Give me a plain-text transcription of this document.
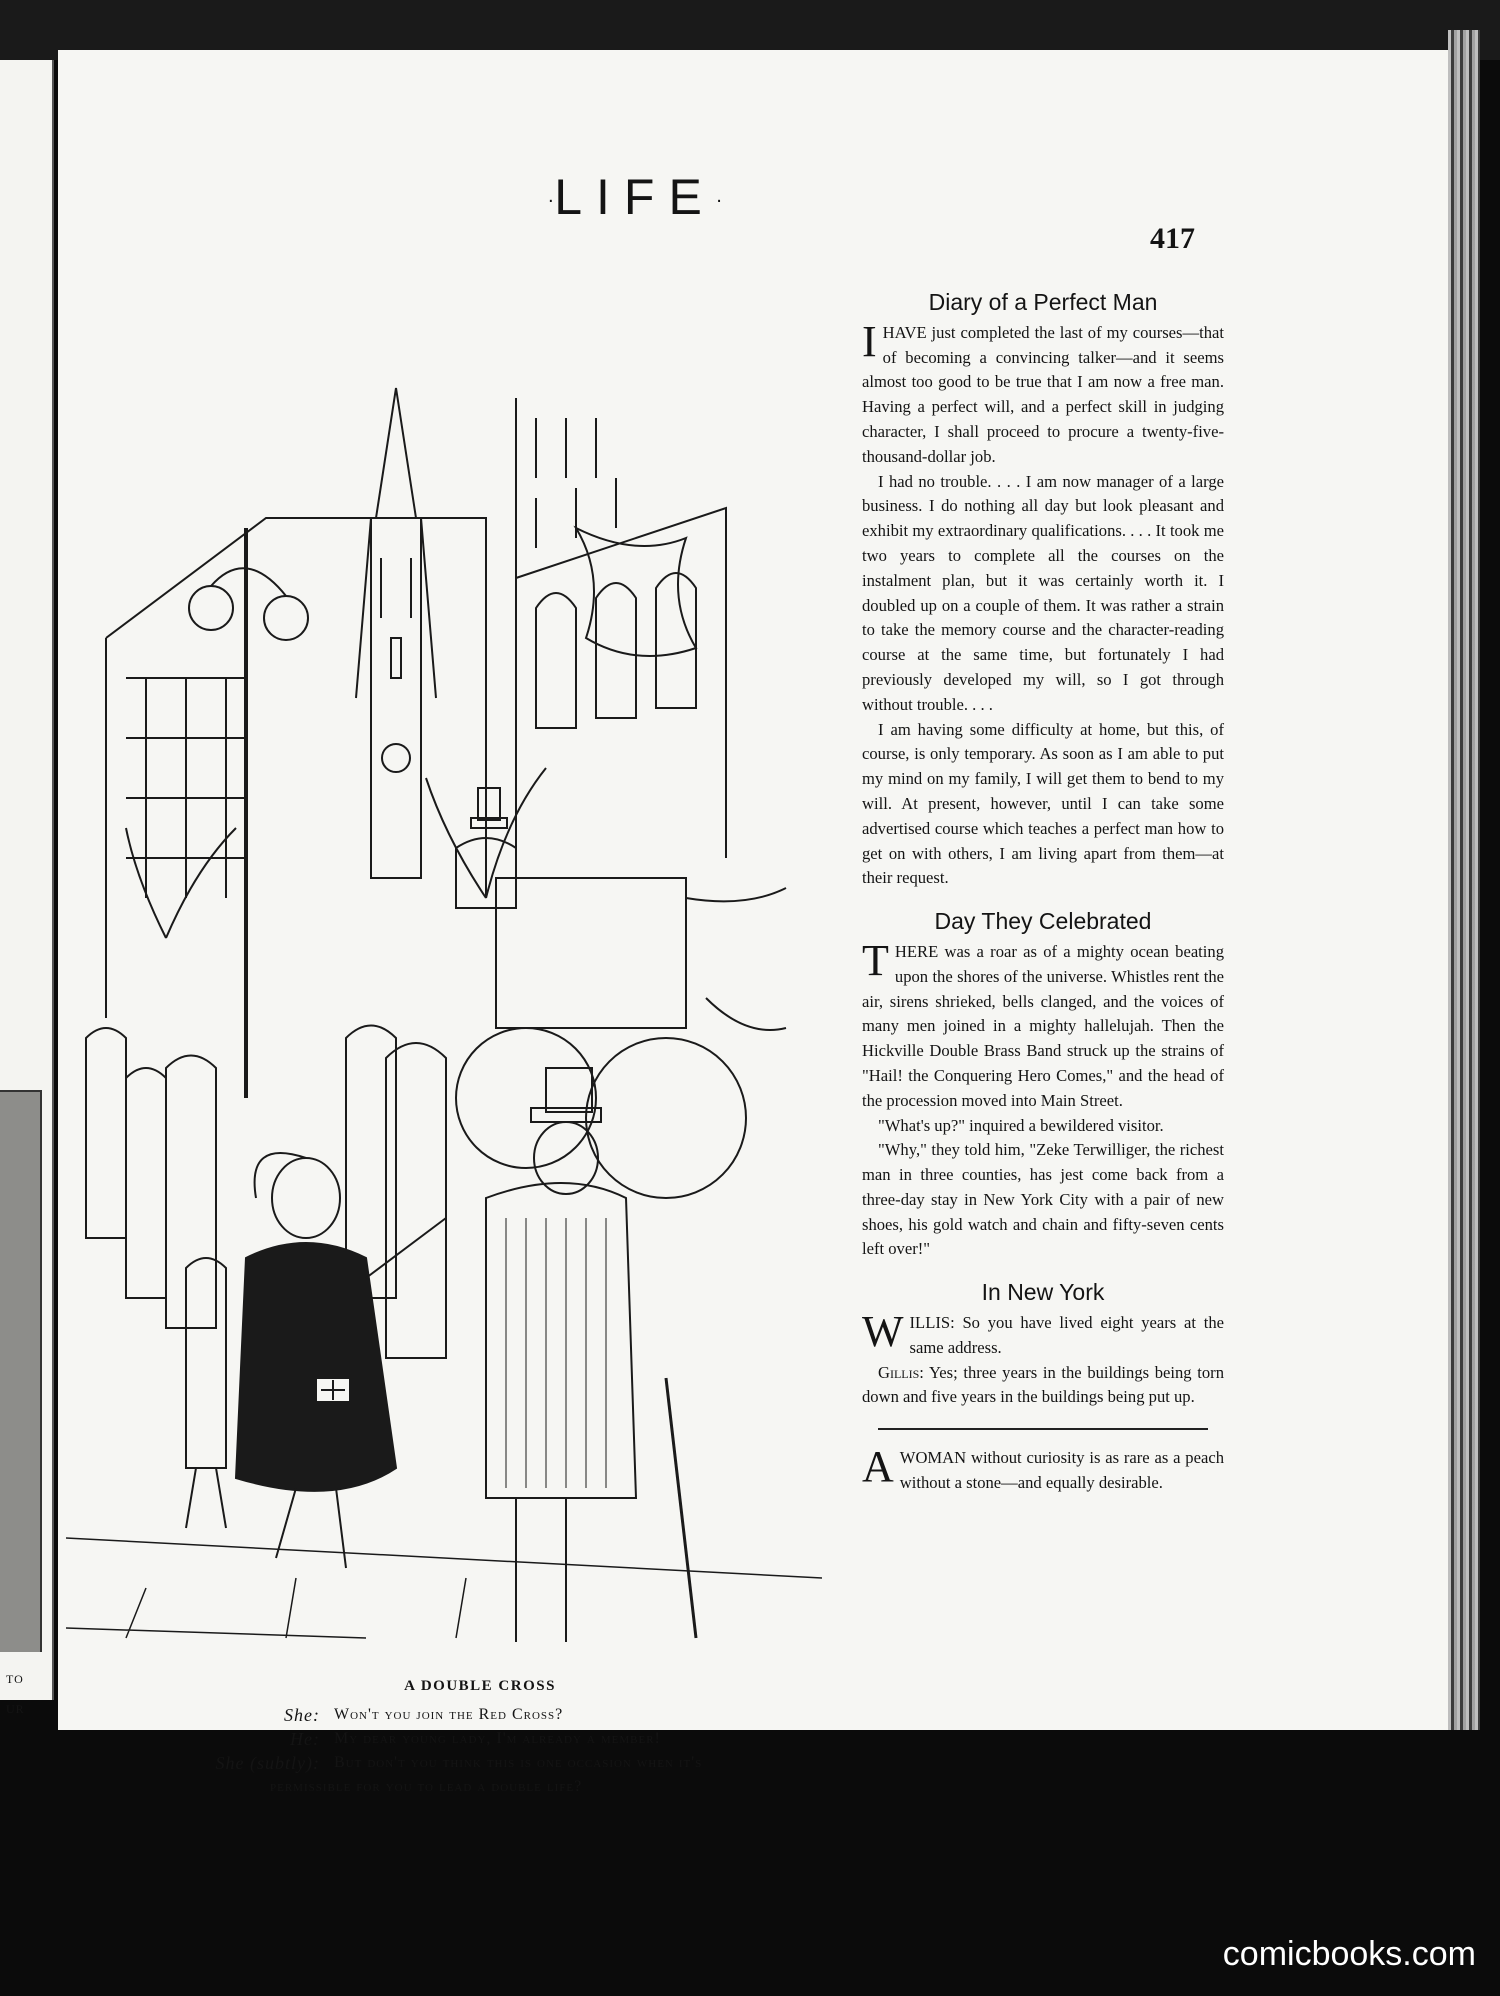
TO
UR
·LIFE·
417
A DOUBLE CROSS
She: Won't you join the Red Cross?
He: My dear young lady, I'm already a member!
She (subtly): But don't you think this is one occasion when it's
permissible for you to lead a double life?
Diary of a Perfect Man

IHAVE just completed the last of my courses—that of becoming a convincing talker—and it seems almost too good to be true that I am now a free man. Having a perfect will, and a perfect skill in judging character, I shall proceed to procure a twenty-five-thousand-dollar job.

I had no trouble. . . . I am now manager of a large business. I do nothing all day but look pleasant and exhibit my extraordinary qualifications. . . . It took me two years to complete all the courses on the instalment plan, but it was certainly worth it. I doubled up on a couple of them. It was rather a strain to take the memory course and the character-reading course at the same time, but fortunately I had previously developed my will, so I got through without trouble. . . .

I am having some difficulty at home, but this, of course, is only temporary. As soon as I am able to put my mind on my family, I will get them to bend to my will. At present, however, until I can take some advertised course which teaches a perfect man how to get on with others, I am living apart from them—at their request.

Day They Celebrated

THERE was a roar as of a mighty ocean beating upon the shores of the universe. Whistles rent the air, sirens shrieked, bells clanged, and the voices of many men joined in a mighty hallelujah. Then the Hickville Double Brass Band struck up the strains of "Hail! the Conquering Hero Comes," and the head of the procession moved into Main Street.

"What's up?" inquired a bewildered visitor.

"Why," they told him, "Zeke Terwilliger, the richest man in three counties, has jest come back from a three-day stay in New York City with a pair of new shoes, his gold watch and chain and fifty-seven cents left over!"

In New York

WILLIS: So you have lived eight years at the same address.

Gillis: Yes; three years in the buildings being torn down and five years in the buildings being put up.

AWOMAN without curiosity is as rare as a peach without a stone—and equally desirable.

comicbooks.com
